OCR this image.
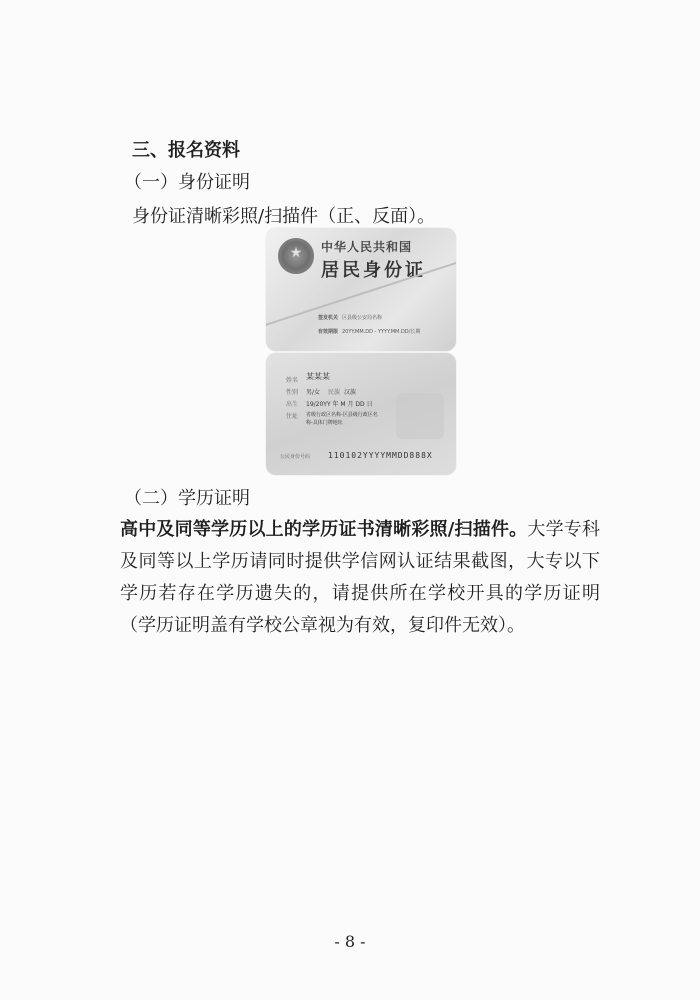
三、报名资料
（一）身份证明
身份证清晰彩照/扫描件（正、反面）。
★	中华人民共和国
居民身份证
签发机关 区县级公安局名称
有效期限 20YY.MM.DD - YYYY.MM.DD/长期
姓名 某某某
性别 男/女 民族 汉族
出生 19/20YY 年 M 月 DD 日
住址 省级行政区名称-区县级行政区名
称-具体门牌地址
公民身份号码 110102YYYYMMDD888X
（二）学历证明
高中及同等学历以上的学历证书清晰彩照/扫描件。大学专科及同等以上学历请同时提供学信网认证结果截图，大专以下学历若存在学历遗失的，请提供所在学校开具的学历证明（学历证明盖有学校公章视为有效，复印件无效）。
- 8 -
